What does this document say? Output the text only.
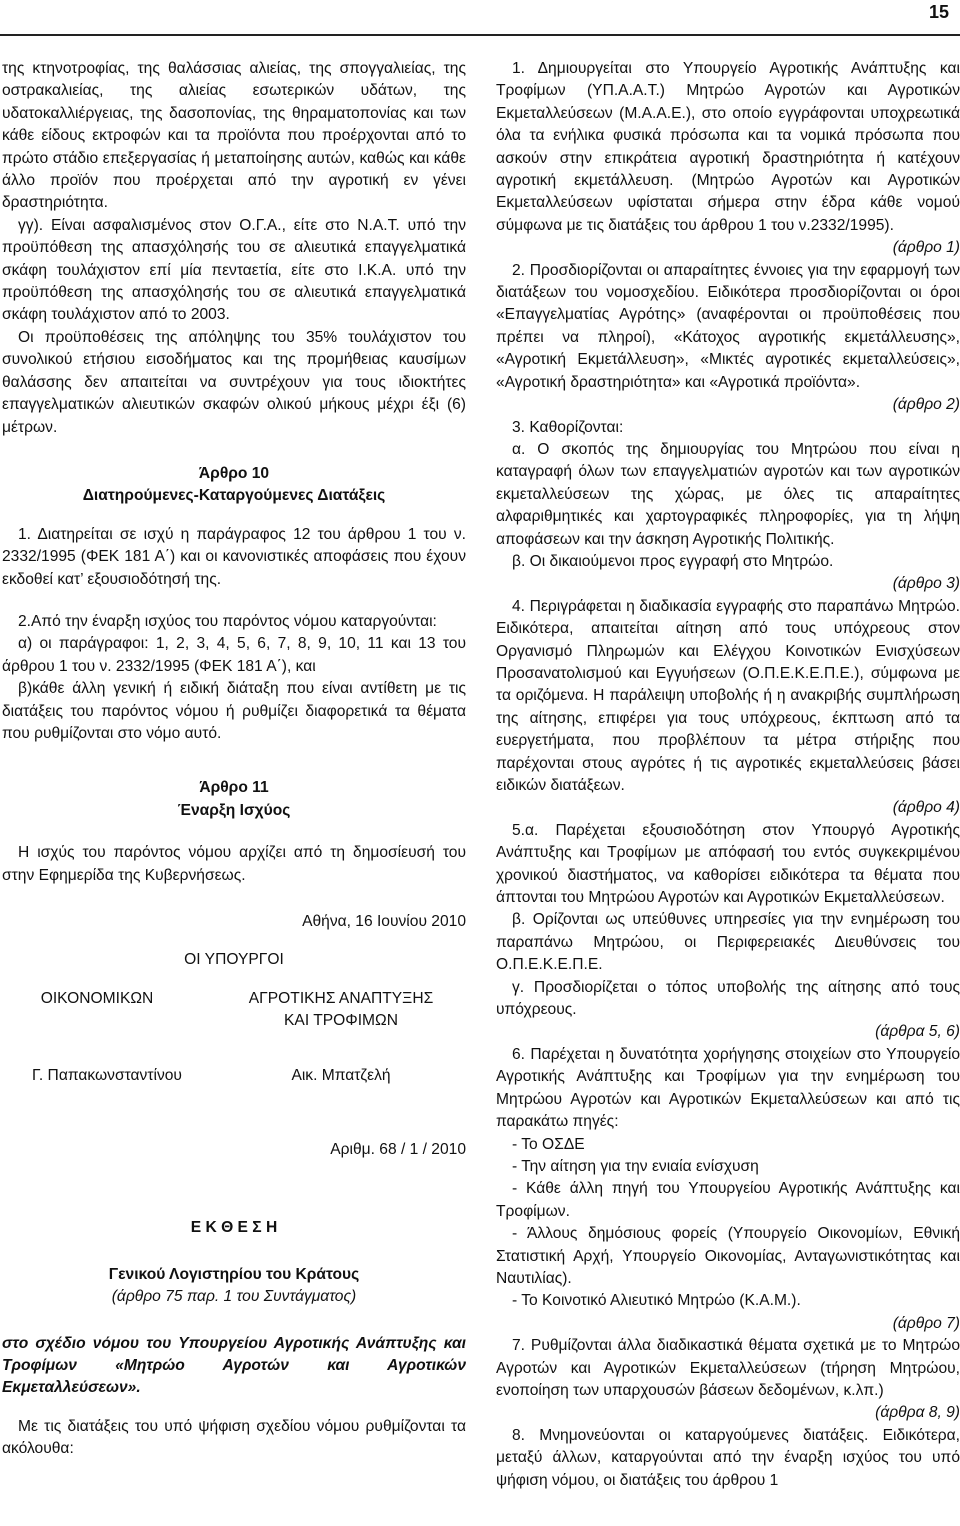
15

της κτηνοτροφίας, της θαλάσσιας αλιείας, της σπογγαλιείας, της οστρακαλιείας, της αλιείας εσωτερικών υδάτων, της υδατοκαλλιέργειας, της δασοπονίας, της θηραματοπονίας και των κάθε είδους εκτροφών και τα προϊόντα που προέρχονται από το πρώτο στάδιο επεξεργασίας ή μεταποίησης αυτών, καθώς και κάθε άλλο προϊόν που προέρχεται από την αγροτική εν γένει δραστηριότητα.

γγ). Είναι ασφαλισμένος στον Ο.Γ.Α., είτε στο Ν.Α.Τ. υπό την προϋπόθεση της απασχόλησής του σε αλιευτικά επαγγελματικά σκάφη τουλάχιστον επί μία πενταετία, είτε στο Ι.Κ.Α. υπό την προϋπόθεση της απασχόλησής του σε αλιευτικά επαγγελματικά σκάφη τουλάχιστον από το 2003.

Οι προϋποθέσεις της απόληψης του 35% τουλάχιστον του συνολικού ετήσιου εισοδήματος και της προμήθειας καυσίμων θαλάσσης δεν απαιτείται να συντρέχουν για τους ιδιοκτήτες επαγγελματικών αλιευτικών σκαφών ολικού μήκους μέχρι έξι (6) μέτρων.

Άρθρο 10

Διατηρούμενες-Καταργούμενες Διατάξεις

1. Διατηρείται σε ισχύ η παράγραφος 12 του άρθρου 1 του ν. 2332/1995 (ΦΕΚ 181 Α΄) και οι κανονιστικές αποφάσεις που έχουν εκδοθεί κατ’ εξουσιοδότησή της.

2.Από την έναρξη ισχύος του παρόντος νόμου καταργούνται:

α) οι παράγραφοι: 1, 2, 3, 4, 5, 6, 7, 8, 9, 10, 11 και 13 του άρθρου 1 του ν. 2332/1995 (ΦΕΚ 181 Α΄), και

β)κάθε άλλη γενική ή ειδική διάταξη που είναι αντίθετη με τις διατάξεις του παρόντος νόμου ή ρυθμίζει διαφορετικά τα θέματα που ρυθμίζονται στο νόμο αυτό.

Άρθρο 11

Έναρξη Ισχύος

Η ισχύς του παρόντος νόμου αρχίζει από τη δημοσίευσή του στην Εφημερίδα της Κυβερνήσεως.

Αθήνα, 16 Ιουνίου 2010

ΟΙ ΥΠΟΥΡΓΟΙ

ΟΙΚΟΝΟΜΙΚΩΝ	ΑΓΡΟΤΙΚΗΣ ΑΝΑΠΤΥΞΗΣ
ΚΑΙ ΤΡΟΦΙΜΩΝ
Γ. Παπακωνσταντίνου	Αικ. Μπατζελή

Αριθμ. 68 / 1 / 2010

Ε Κ Θ Ε Σ Η

Γενικού Λογιστηρίου του Κράτους

(άρθρο 75 παρ. 1 του Συντάγματος)

στο σχέδιο νόμου του Υπουργείου Αγροτικής Ανάπτυξης και Τροφίμων «Μητρώο Αγροτών και Αγροτικών Εκμεταλλεύσεων».

Με τις διατάξεις του υπό ψήφιση σχεδίου νόμου ρυθμίζονται τα ακόλουθα:

1. Δημιουργείται στο Υπουργείο Αγροτικής Ανάπτυξης και Τροφίμων (ΥΠ.Α.Α.Τ.) Μητρώο Αγροτών και Αγροτικών Εκμεταλλεύσεων (Μ.Α.Α.Ε.), στο οποίο εγγράφονται υποχρεωτικά όλα τα ενήλικα φυσικά πρόσωπα και τα νομικά πρόσωπα που ασκούν στην επικράτεια αγροτική δραστηριότητα ή κατέχουν αγροτική εκμετάλλευση. (Μητρώο Αγροτών και Αγροτικών Εκμεταλλεύσεων υφίσταται σήμερα στην έδρα κάθε νομού σύμφωνα με τις διατάξεις του άρθρου 1 του ν.2332/1995).

(άρθρο 1)

2. Προσδιορίζονται οι απαραίτητες έννοιες για την εφαρμογή των διατάξεων του νομοσχεδίου. Ειδικότερα προσδιορίζονται οι όροι «Επαγγελματίας Αγρότης» (αναφέρονται οι προϋποθέσεις που πρέπει να πληροί), «Κάτοχος αγροτικής εκμετάλλευσης», «Αγροτική Εκμετάλλευση», «Μικτές αγροτικές εκμεταλλεύσεις», «Αγροτική δραστηριότητα» και «Αγροτικά προϊόντα».

(άρθρο 2)

3. Καθορίζονται:

α. Ο σκοπός της δημιουργίας του Μητρώου που είναι η καταγραφή όλων των επαγγελματιών αγροτών και των αγροτικών εκμεταλλεύσεων της χώρας, με όλες τις απαραίτητες αλφαριθμητικές και χαρτογραφικές πληροφορίες, για τη λήψη αποφάσεων και την άσκηση Αγροτικής Πολιτικής.

β. Οι δικαιούμενοι προς εγγραφή στο Μητρώο.

(άρθρο 3)

4. Περιγράφεται η διαδικασία εγγραφής στο παραπάνω Μητρώο. Ειδικότερα, απαιτείται αίτηση από τους υπόχρεους στον Οργανισμό Πληρωμών και Ελέγχου Κοινοτικών Ενισχύσεων Προσανατολισμού και Εγγυήσεων (Ο.Π.Ε.Κ.Ε.Π.Ε.), σύμφωνα με τα οριζόμενα. Η παράλειψη υποβολής ή η ανακριβής συμπλήρωση της αίτησης, επιφέρει για τους υπόχρεους, έκπτωση από τα ευεργετήματα, που προβλέπουν τα μέτρα στήριξης που παρέχονται στους αγρότες ή τις αγροτικές εκμεταλλεύσεις βάσει ειδικών διατάξεων.

(άρθρο 4)

5.α. Παρέχεται εξουσιοδότηση στον Υπουργό Αγροτικής Ανάπτυξης και Τροφίμων με απόφασή του εντός συγκεκριμένου χρονικού διαστήματος, να καθορίσει ειδικότερα τα θέματα που άπτονται του Μητρώου Αγροτών και Αγροτικών Εκμεταλλεύσεων.

β. Ορίζονται ως υπεύθυνες υπηρεσίες για την ενημέρωση του παραπάνω Μητρώου, οι Περιφερειακές Διευθύνσεις του Ο.Π.Ε.Κ.Ε.Π.Ε.

γ. Προσδιορίζεται ο τόπος υποβολής της αίτησης από τους υπόχρεους.

(άρθρα 5, 6)

6. Παρέχεται η δυνατότητα χορήγησης στοιχείων στο Υπουργείο Αγροτικής Ανάπτυξης και Τροφίμων για την ενημέρωση του Μητρώου Αγροτών και Αγροτικών Εκμεταλλεύσεων και από τις παρακάτω πηγές:

- Το ΟΣΔΕ

- Την αίτηση για την ενιαία ενίσχυση

- Κάθε άλλη πηγή του Υπουργείου Αγροτικής Ανάπτυξης και Τροφίμων.

- Άλλους δημόσιους φορείς (Υπουργείο Οικονομίων, Εθνική Στατιστική Αρχή, Υπουργείο Οικονομίας, Ανταγωνιστικότητας και Ναυτιλίας).

- Το Κοινοτικό Αλιευτικό Μητρώο (Κ.Α.Μ.).

(άρθρο 7)

7. Ρυθμίζονται άλλα διαδικαστικά θέματα σχετικά με το Μητρώο Αγροτών και Αγροτικών Εκμεταλλεύσεων (τήρηση Μητρώου, ενοποίηση των υπαρχουσών βάσεων δεδομένων, κ.λπ.)

(άρθρα 8, 9)

8. Μνημονεύονται οι καταργούμενες διατάξεις. Ειδικότερα, μεταξύ άλλων, καταργούνται από την έναρξη ισχύος του υπό ψήφιση νόμου, οι διατάξεις του άρθρου 1
